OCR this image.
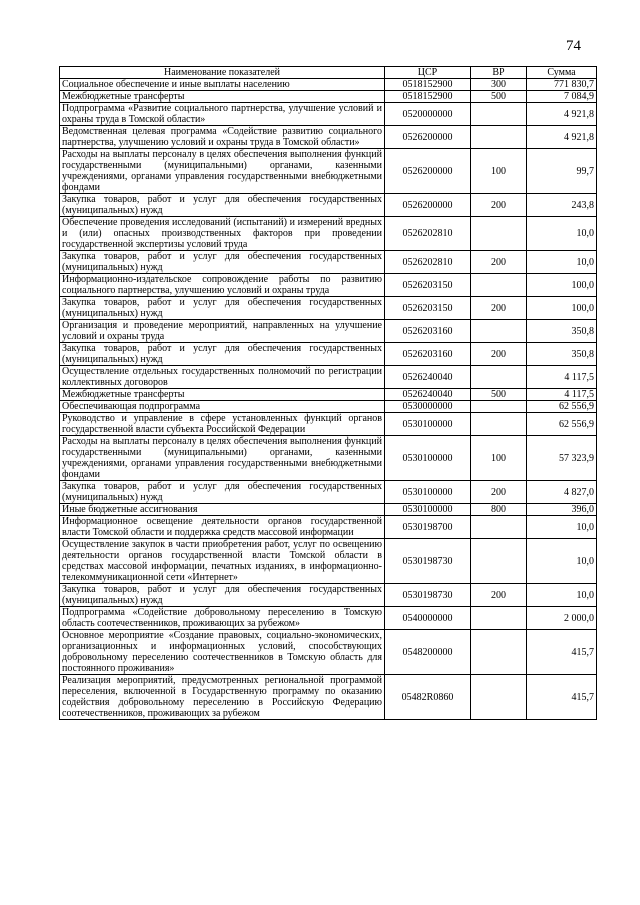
74
Наименование показателей	ЦСР	ВР	Сумма
Социальное обеспечение и иные выплаты населению	0518152900	300	771 830,7
Межбюджетные трансферты	0518152900	500	7 084,9
Подпрограмма «Развитие социального партнерства, улучшение условий и охраны труда в Томской области»	0520000000		4 921,8
Ведомственная целевая программа «Содействие развитию социального партнерства, улучшению условий и охраны труда в Томской области»	0526200000		4 921,8
Расходы на выплаты персоналу в целях обеспечения выполнения функций государственными (муниципальными) органами, казенными учреждениями, органами управления государственными внебюджетными фондами	0526200000	100	99,7
Закупка товаров, работ и услуг для обеспечения государственных (муниципальных) нужд	0526200000	200	243,8
Обеспечение проведения исследований (испытаний) и измерений вредных и (или) опасных производственных факторов при проведении государственной экспертизы условий труда	0526202810		10,0
Закупка товаров, работ и услуг для обеспечения государственных (муниципальных) нужд	0526202810	200	10,0
Информационно-издательское сопровождение работы по развитию социального партнерства, улучшению условий и охраны труда	0526203150		100,0
Закупка товаров, работ и услуг для обеспечения государственных (муниципальных) нужд	0526203150	200	100,0
Организация и проведение мероприятий, направленных на улучшение условий и охраны труда	0526203160		350,8
Закупка товаров, работ и услуг для обеспечения государственных (муниципальных) нужд	0526203160	200	350,8
Осуществление отдельных государственных полномочий по регистрации коллективных договоров	0526240040		4 117,5
Межбюджетные трансферты	0526240040	500	4 117,5
Обеспечивающая подпрограмма	0530000000		62 556,9
Руководство и управление в сфере установленных функций органов государственной власти субъекта Российской Федерации	0530100000		62 556,9
Расходы на выплаты персоналу в целях обеспечения выполнения функций государственными (муниципальными) органами, казенными учреждениями, органами управления государственными внебюджетными фондами	0530100000	100	57 323,9
Закупка товаров, работ и услуг для обеспечения государственных (муниципальных) нужд	0530100000	200	4 827,0
Иные бюджетные ассигнования	0530100000	800	396,0
Информационное освещение деятельности органов государственной власти Томской области и поддержка средств массовой информации	0530198700		10,0
Осуществление закупок в части приобретения работ, услуг по освещению деятельности органов государственной власти Томской области в средствах массовой информации, печатных изданиях, в информационно-телекоммуникационной сети «Интернет»	0530198730		10,0
Закупка товаров, работ и услуг для обеспечения государственных (муниципальных) нужд	0530198730	200	10,0
Подпрограмма «Содействие добровольному переселению в Томскую область соотечественников, проживающих за рубежом»	0540000000		2 000,0
Основное мероприятие «Создание правовых, социально-экономических, организационных и информационных условий, способствующих добровольному переселению соотечественников в Томскую область для постоянного проживания»	0548200000		415,7
Реализация мероприятий, предусмотренных региональной программой переселения, включенной в Государственную программу по оказанию содействия добровольному переселению в Российскую Федерацию соотечественников, проживающих за рубежом	05482R0860		415,7
